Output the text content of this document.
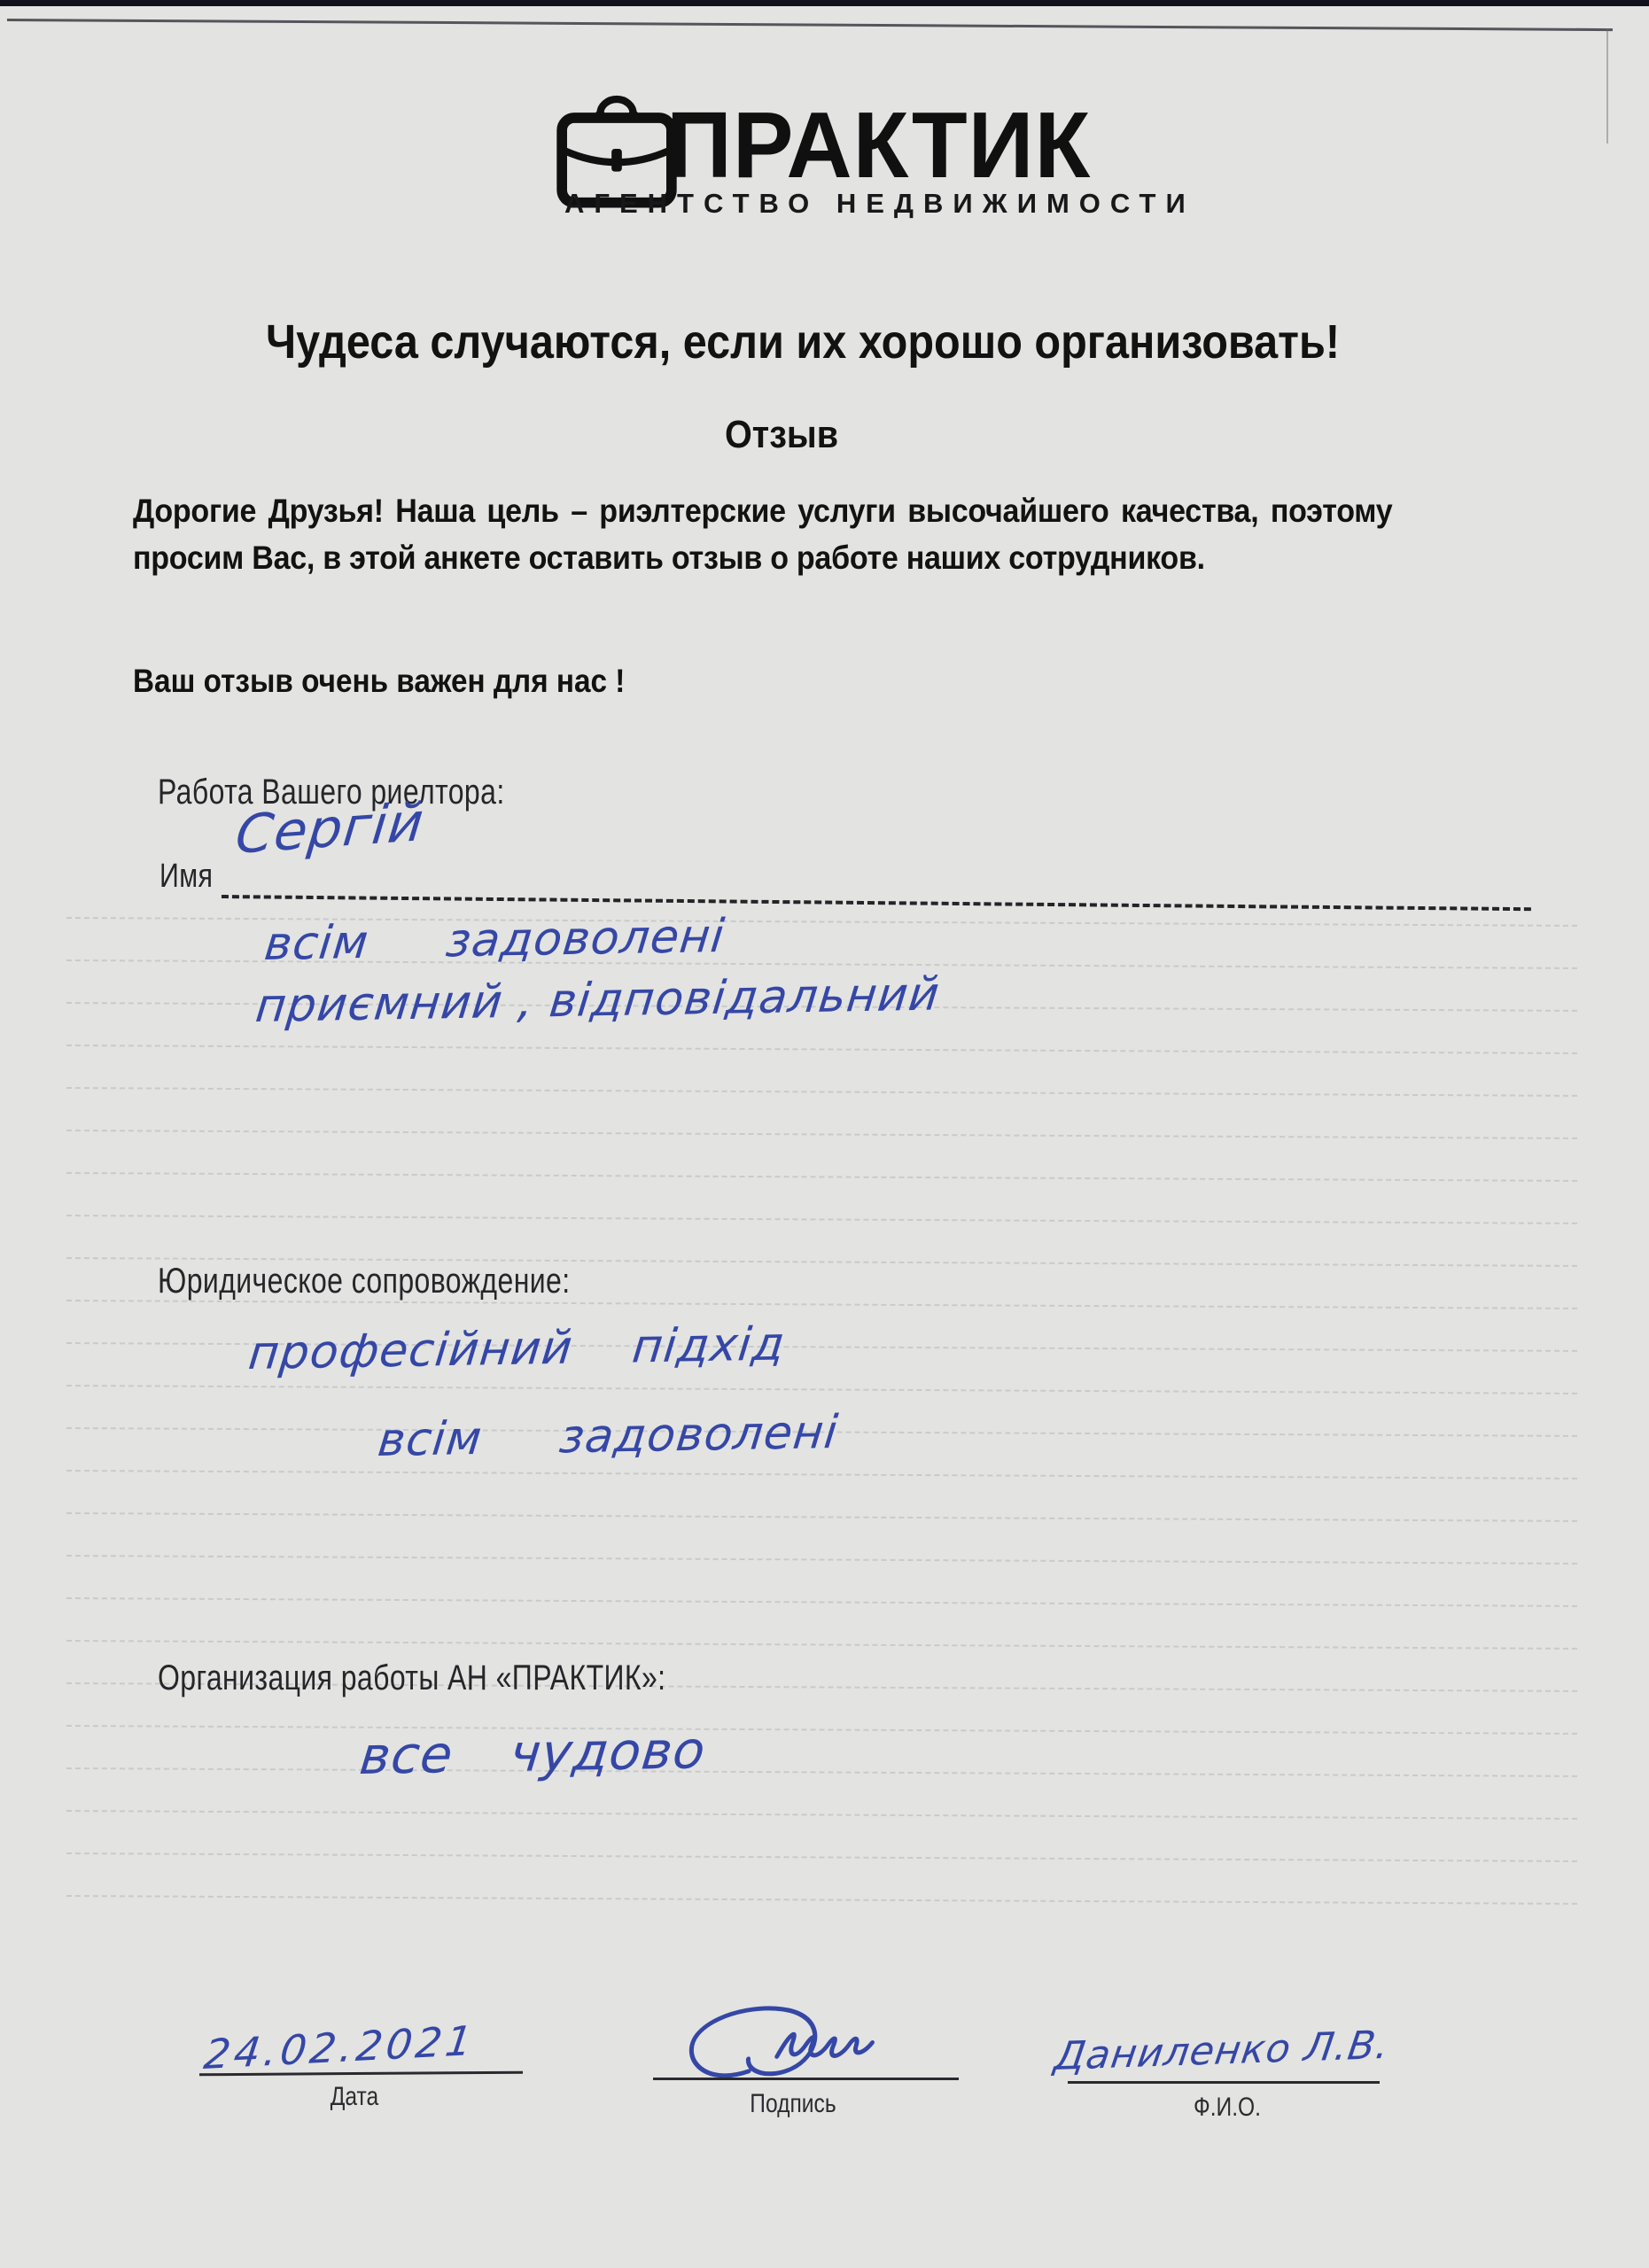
ПРАКТИК
АГЕНТСТВО НЕДВИЖИМОСТИ
Чудеса случаются, если их хорошо организовать!
Отзыв
Дорогие Друзья! Наша цель – риэлтерские услуги высочайшего качества, поэтому просим Вас, в этой анкете оставить отзыв о работе наших сотрудников.
Ваш отзыв очень важен для нас !
Работа Вашего риелтора:
Имя
Сергій
всім задоволені
приємний , відповідальний
Юридическое сопровождение:
професійний підхід
всім задоволені
Организация работы АН «ПРАКТИК»:
все чудово
24.02.2021
Дата	Подпись
Даниленко Л.В.
Ф.И.О.
